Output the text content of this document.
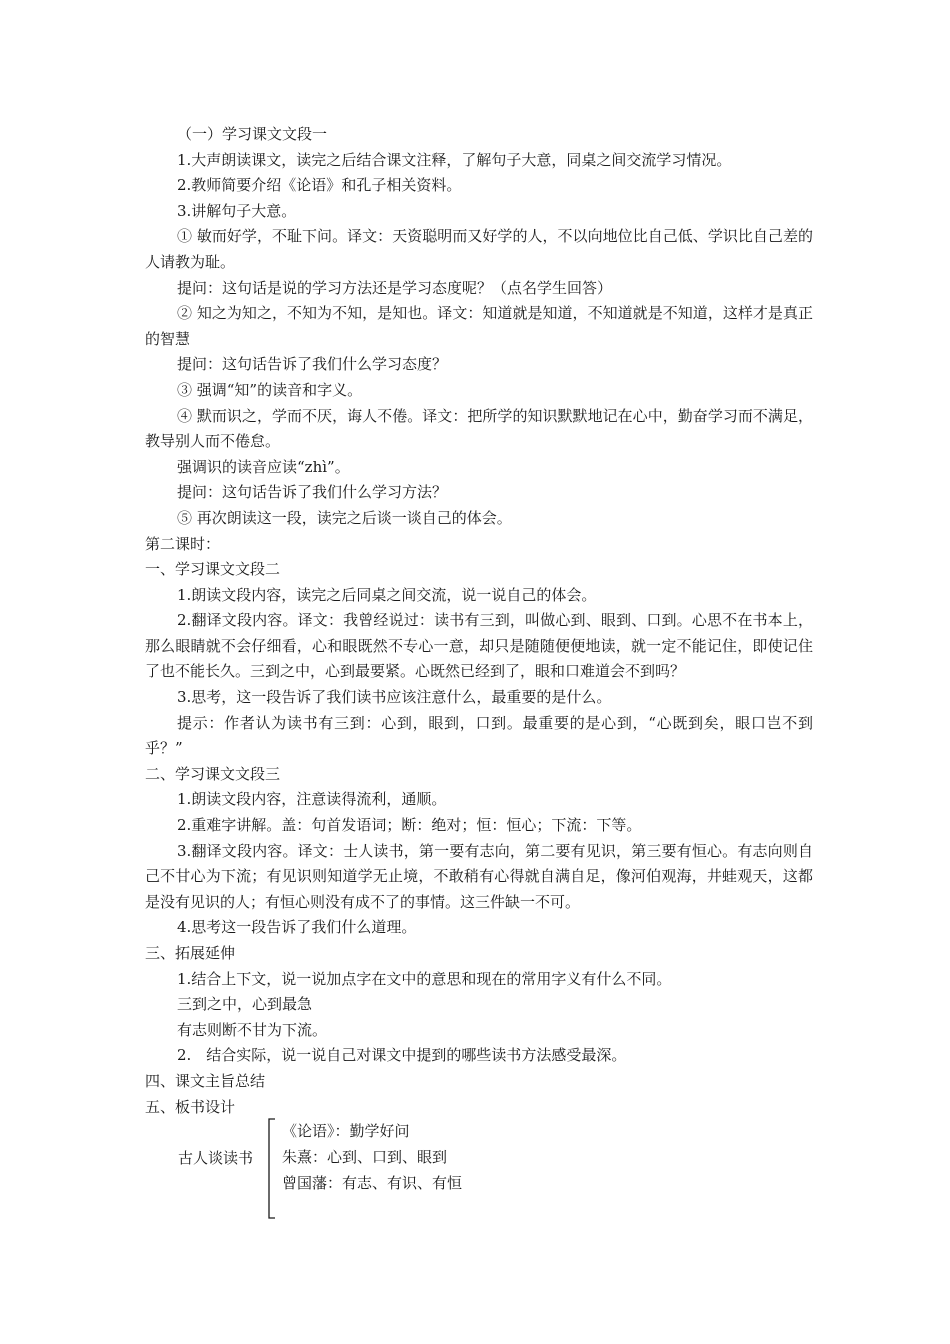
（一）学习课文文段一

1.大声朗读课文，读完之后结合课文注释，了解句子大意，同桌之间交流学习情况。

2.教师简要介绍《论语》和孔子相关资料。

3.讲解句子大意。

① 敏而好学，不耻下问。译文：天资聪明而又好学的人，不以向地位比自己低、学识比自己差的人请教为耻。

提问：这句话是说的学习方法还是学习态度呢？（点名学生回答）

② 知之为知之，不知为不知，是知也。译文：知道就是知道，不知道就是不知道，这样才是真正的智慧

提问：这句话告诉了我们什么学习态度？

③ 强调“知”的读音和字义。

④ 默而识之，学而不厌，诲人不倦。译文：把所学的知识默默地记在心中，勤奋学习而不满足，教导别人而不倦怠。

强调识的读音应读“zhì”。

提问：这句话告诉了我们什么学习方法？

⑤ 再次朗读这一段，读完之后谈一谈自己的体会。

第二课时：

一、学习课文文段二

1.朗读文段内容，读完之后同桌之间交流，说一说自己的体会。

2.翻译文段内容。译文：我曾经说过：读书有三到，叫做心到、眼到、口到。心思不在书本上，那么眼睛就不会仔细看，心和眼既然不专心一意，却只是随随便便地读，就一定不能记住，即使记住了也不能长久。三到之中，心到最要紧。心既然已经到了，眼和口难道会不到吗？

3.思考，这一段告诉了我们读书应该注意什么，最重要的是什么。

提示：作者认为读书有三到：心到，眼到，口到。最重要的是心到，“心既到矣，眼口岂不到乎？”

二、学习课文文段三

1.朗读文段内容，注意读得流利，通顺。

2.重难字讲解。盖：句首发语词；断：绝对；恒：恒心；下流：下等。

3.翻译文段内容。译文：士人读书，第一要有志向，第二要有见识，第三要有恒心。有志向则自己不甘心为下流；有见识则知道学无止境，不敢稍有心得就自满自足，像河伯观海，井蛙观天，这都是没有见识的人；有恒心则没有成不了的事情。这三件缺一不可。

4.思考这一段告诉了我们什么道理。

三、拓展延伸

1.结合上下文，说一说加点字在文中的意思和现在的常用字义有什么不同。

三到之中，心到最急

有志则断不甘为下流。

2.　结合实际，说一说自己对课文中提到的哪些读书方法感受最深。

四、课文主旨总结

五、板书设计

古人谈读书
《论语》：勤学好问
朱熹：心到、口到、眼到
曾国藩：有志、有识、有恒
